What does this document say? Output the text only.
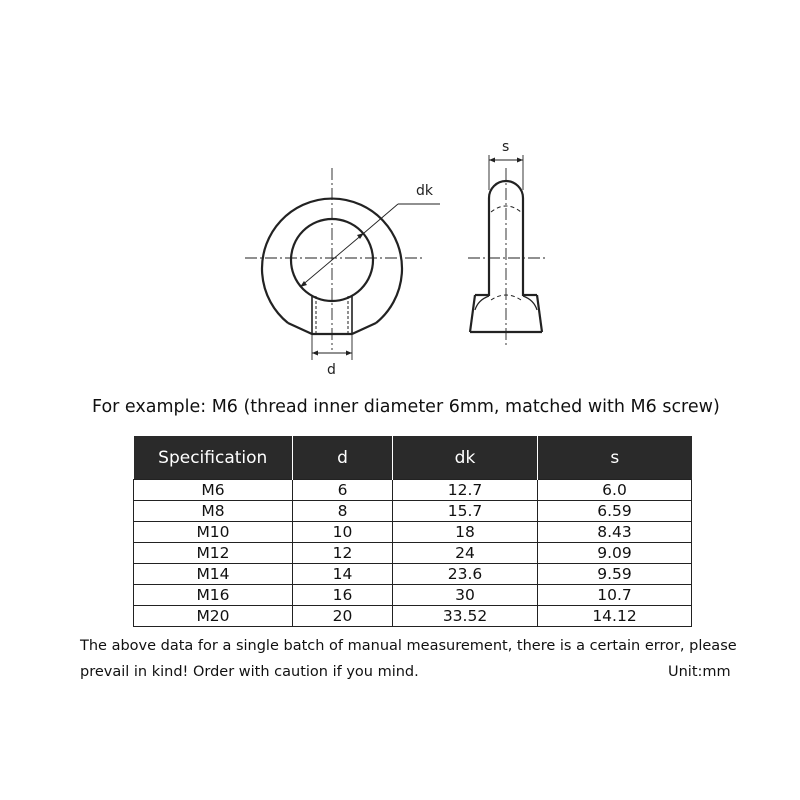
dk
d
s
For example: M6 (thread inner diameter 6mm, matched with M6 screw)
Specification	d	dk	s
M6	6	12.7	6.0
M8	8	15.7	6.59
M10	10	18	8.43
M12	12	24	9.09
M14	14	23.6	9.59
M16	16	30	10.7
M20	20	33.52	14.12
The above data for a single batch of manual measurement, there is a certain error, please
prevail in kind! Order with caution if you mind.	Unit:mm
